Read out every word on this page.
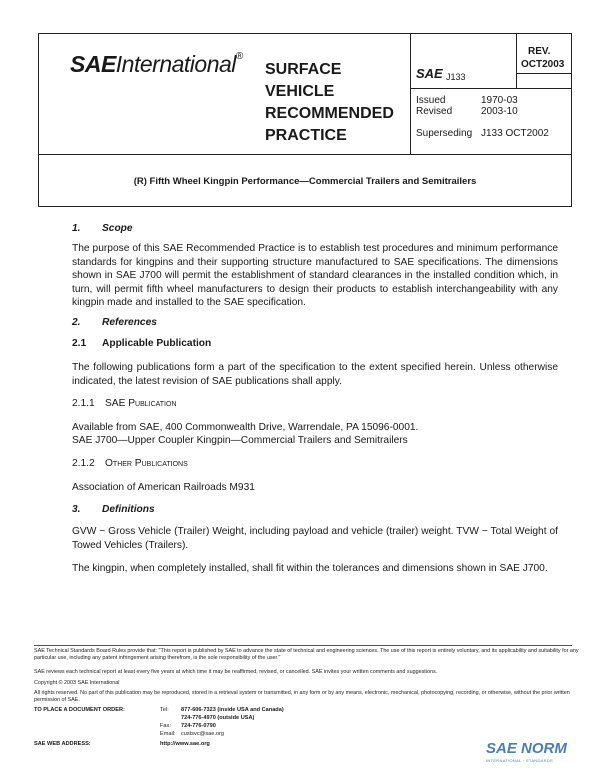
SAEInternational®
SURFACE
VEHICLE
RECOMMENDED
PRACTICE
SAE J133
REV.
OCT2003
Issued	1970-03
Revised	2003-10
Superseding J133 OCT2002
(R) Fifth Wheel Kingpin Performance—Commercial Trailers and Semitrailers
1. Scope
The purpose of this SAE Recommended Practice is to establish test procedures and minimum performance standards for kingpins and their supporting structure manufactured to SAE specifications. The dimensions shown in SAE J700 will permit the establishment of standard clearances in the installed condition which, in turn, will permit fifth wheel manufacturers to design their products to establish interchangeability with any kingpin made and installed to the SAE specification.
2. References
2.1 Applicable Publication
The following publications form a part of the specification to the extent specified herein. Unless otherwise indicated, the latest revision of SAE publications shall apply.
2.1.1 SAE Publication
Available from SAE, 400 Commonwealth Drive, Warrendale, PA 15096-0001.
SAE J700—Upper Coupler Kingpin—Commercial Trailers and Semitrailers
2.1.2 Other Publications
Association of American Railroads M931
3. Definitions
GVW − Gross Vehicle (Trailer) Weight, including payload and vehicle (trailer) weight. TVW − Total Weight of Towed Vehicles (Trailers).
The kingpin, when completely installed, shall fit within the tolerances and dimensions shown in SAE J700.
SAE Technical Standards Board Rules provide that: "This report is published by SAE to advance the state of technical and engineering sciences. The use of this report is entirely voluntary, and its applicability and suitability for any particular use, including any patent infringement arising therefrom, is the sole responsibility of the user."
SAE reviews each technical report at least every five years at which time it may be reaffirmed, revised, or cancelled. SAE invites your written comments and suggestions.
Copyright © 2003 SAE International
All rights reserved. No part of this publication may be reproduced, stored in a retrieval system or transmitted, in any form or by any means, electronic, mechanical, photocopying, recording, or otherwise, without the prior written permission of SAE.
TO PLACE A DOCUMENT ORDER:	Tel: 877-606-7323 (inside USA and Canada)
724-776-4970 (outside USA)
Fax: 724-776-0790
Email: custsvc@sae.org
SAE WEB ADDRESS:	http://www.sae.org	SAE NORM
INTERNATIONAL · STANDARDS
